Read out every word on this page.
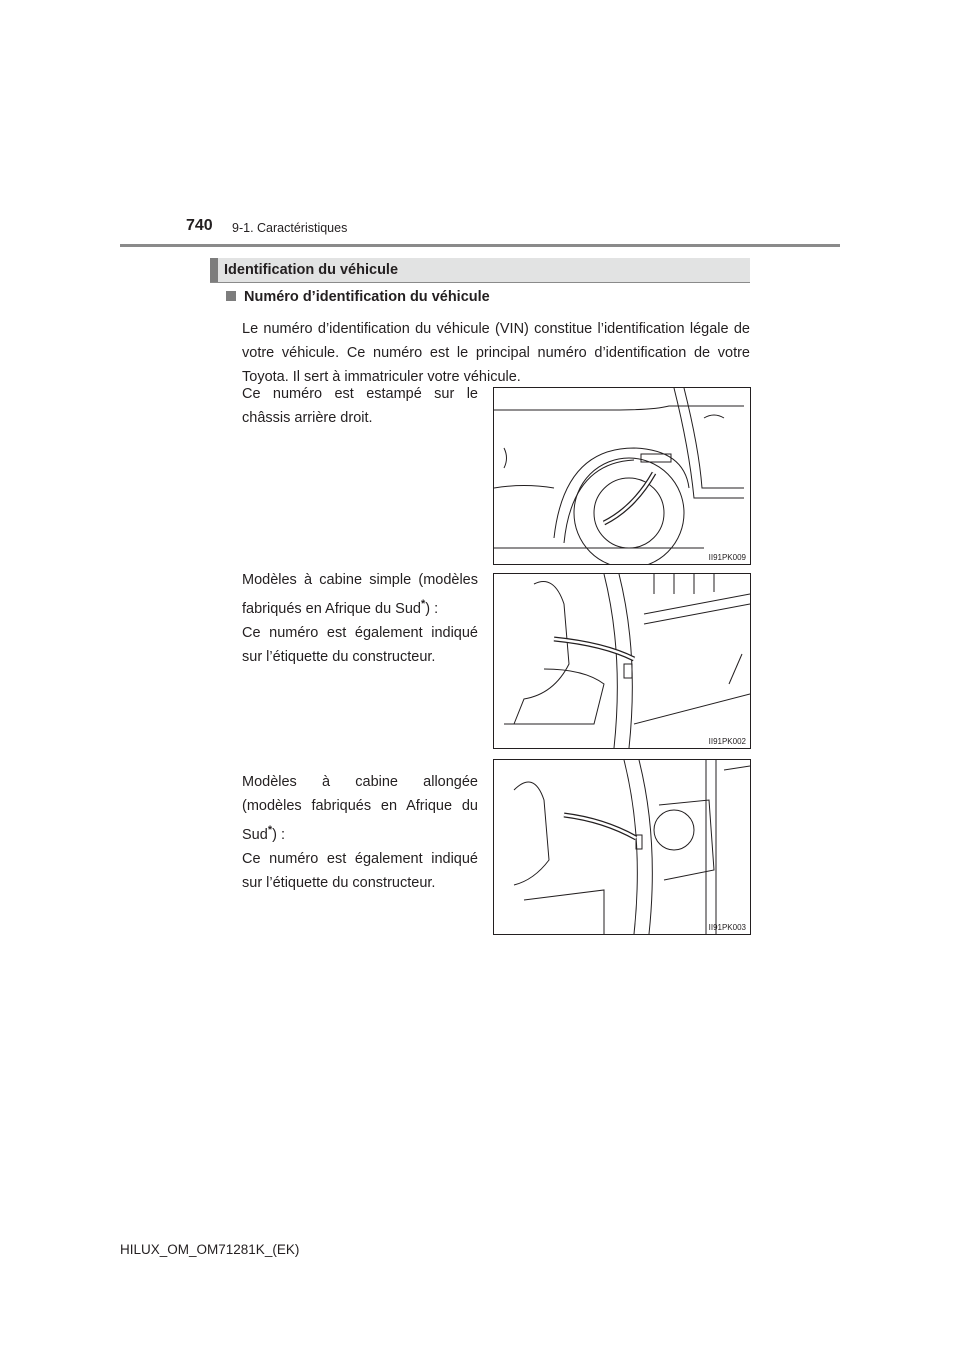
740 9-1. Caractéristiques
Identification du véhicule
Numéro d’identification du véhicule
Le numéro d’identification du véhicule (VIN) constitue l’identification légale de votre véhicule. Ce numéro est le principal numéro d’identification de votre Toyota. Il sert à immatriculer votre véhicule.
Ce numéro est estampé sur le châssis arrière droit.
II91PK009
Modèles à cabine simple (modèles fabriqués en Afrique du Sud*) :
Ce numéro est également indiqué sur l’étiquette du constructeur.
II91PK002
Modèles à cabine allongée (modèles fabriqués en Afrique du Sud*) :
Ce numéro est également indiqué sur l’étiquette du constructeur.
II91PK003
HILUX_OM_OM71281K_(EK)
